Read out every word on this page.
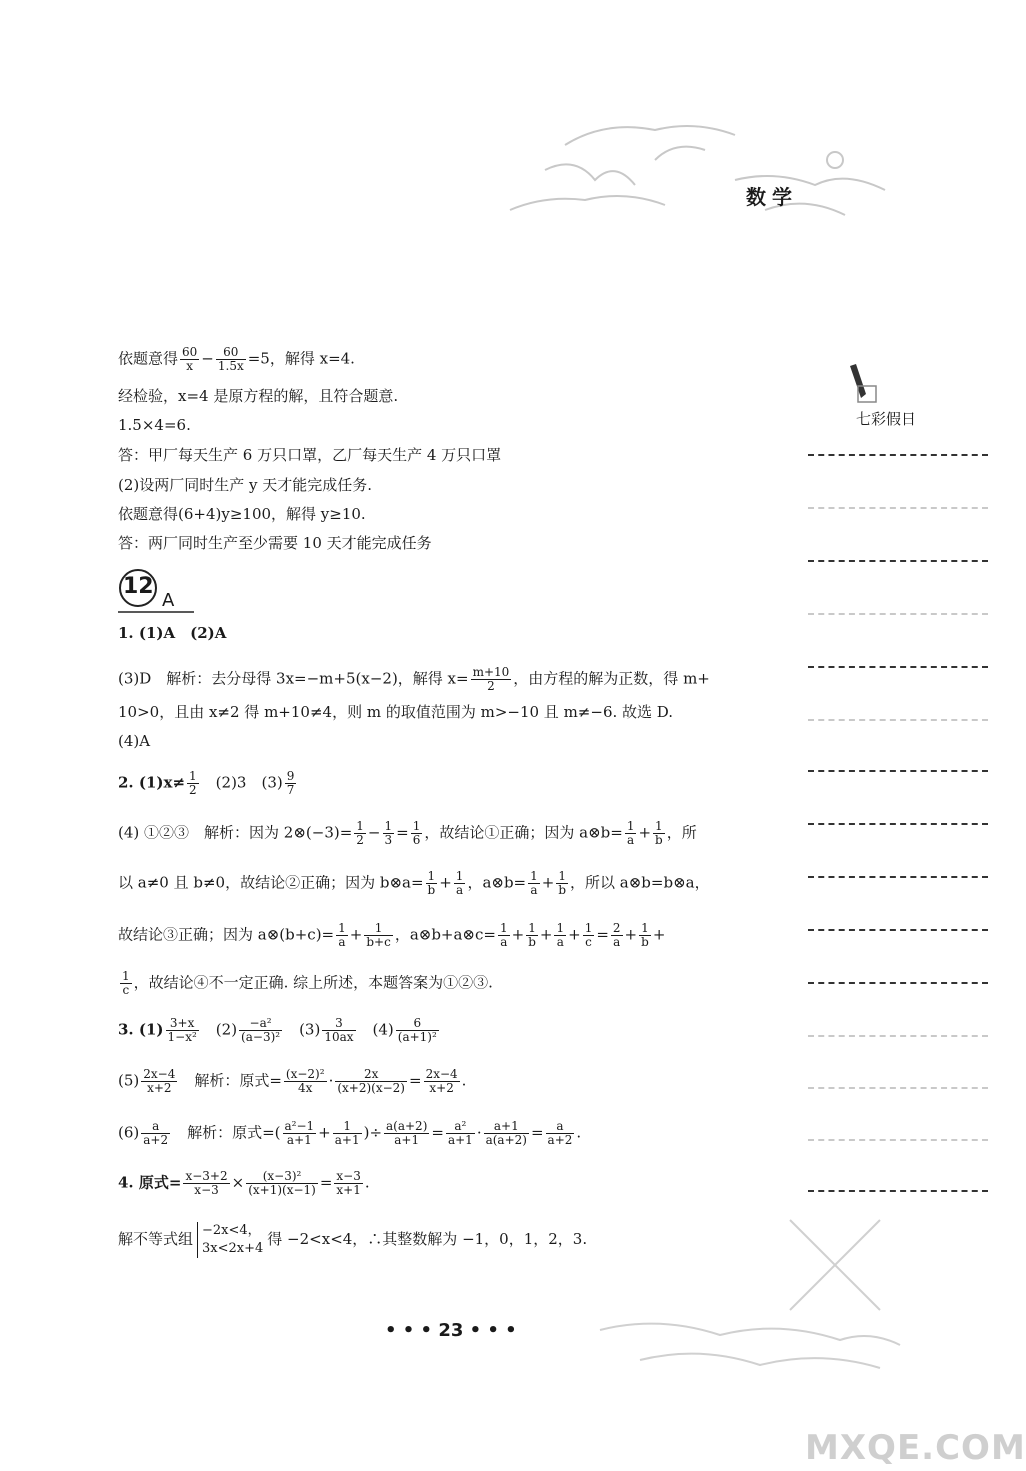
数学
七彩假日
依题意得 $\frac{60}{x} - \frac{60}{1.5x} =5$，解得 x=4.
经检验，x=4 是原方程的解，且符合题意.
1.5×4=6.
答：甲厂每天生产 6 万只口罩，乙厂每天生产 4 万只口罩
(2)设两厂同时生产 y 天才能完成任务.
依题意得(6+4)y≥100，解得 y≥10.
答：两厂同时生产至少需要 10 天才能完成任务
12
A
1. (1)A　(2)A
(3)D　解析：去分母得 3x=−m+5(x−2)，解得 $x= \frac{m+10}{2}$ ，由方程的解为正数，得 m+
10>0，且由 x≠2 得 m+10≠4，则 m 的取值范围为 m>−10 且 m≠−6. 故选 D.
(4)A
2. $(1)x\ne \frac{1}{2}$ 　(2)3　$(3) \frac{9}{7}$
(4) ①②③　解析：因为 2⊗(−3)= $\frac{1}{2} - \frac{1}{3} = \frac{1}{6}$ ，故结论①正确；因为 a⊗b= $\frac{1}{a} + \frac{1}{b}$ ，所
以 a≠0 且 b≠0，故结论②正确；因为 b⊗a= $\frac{1}{b} + \frac{1}{a}$ ，a⊗b= $\frac{1}{a} + \frac{1}{b}$ ，所以 a⊗b=b⊗a，
故结论③正确；因为 a⊗(b+c)= $\frac{1}{a} + \frac{1}{b+c}$ ，a⊗b+a⊗c= $\frac{1}{a} + \frac{1}{b} + \frac{1}{a} + \frac{1}{c} = \frac{2}{a} + \frac{1}{b}$ +
$\frac{1}{c}$ ，故结论④不一定正确. 综上所述，本题答案为①②③.
3. $(1) \frac{3+x}{\text{1−x²}}$ 　$(2) \frac{\text{−a²}}{\text{(a−3)²}}$ 　$(3) \frac{3}{10ax}$ 　$(4) \frac{6}{\text{(a+1)²}}$
$(5) \frac{2x-4}{x+2}$ 　解析：原式= $\frac{\text{(x−2)²}}{4x} \cdot \frac{2x}{(x+2)(x-2)} = \frac{2x-4}{x+2}$ .
$(6) \frac{a}{a+2}$ 　解析：原式=( $\frac{\text{a²−1}}{a+1} + \frac{1}{a+1}$ )÷ $\frac{a(a+2)}{a+1} = \frac{\text{a²}}{a+1} \cdot \frac{a+1}{a(a+2)} = \frac{a}{a+2}$ .
4. 原式= $\frac{x-3+2}{x-3} \times \frac{\text{(x−3)²}}{(x+1)(x-1)} = \frac{x-3}{x+1}$ .
解不等式组 −2x<4，
3x<2x+4
得 −2<x<4，∴其整数解为 −1，0，1，2，3.
• • • 23 • • •
MXQE.COM
